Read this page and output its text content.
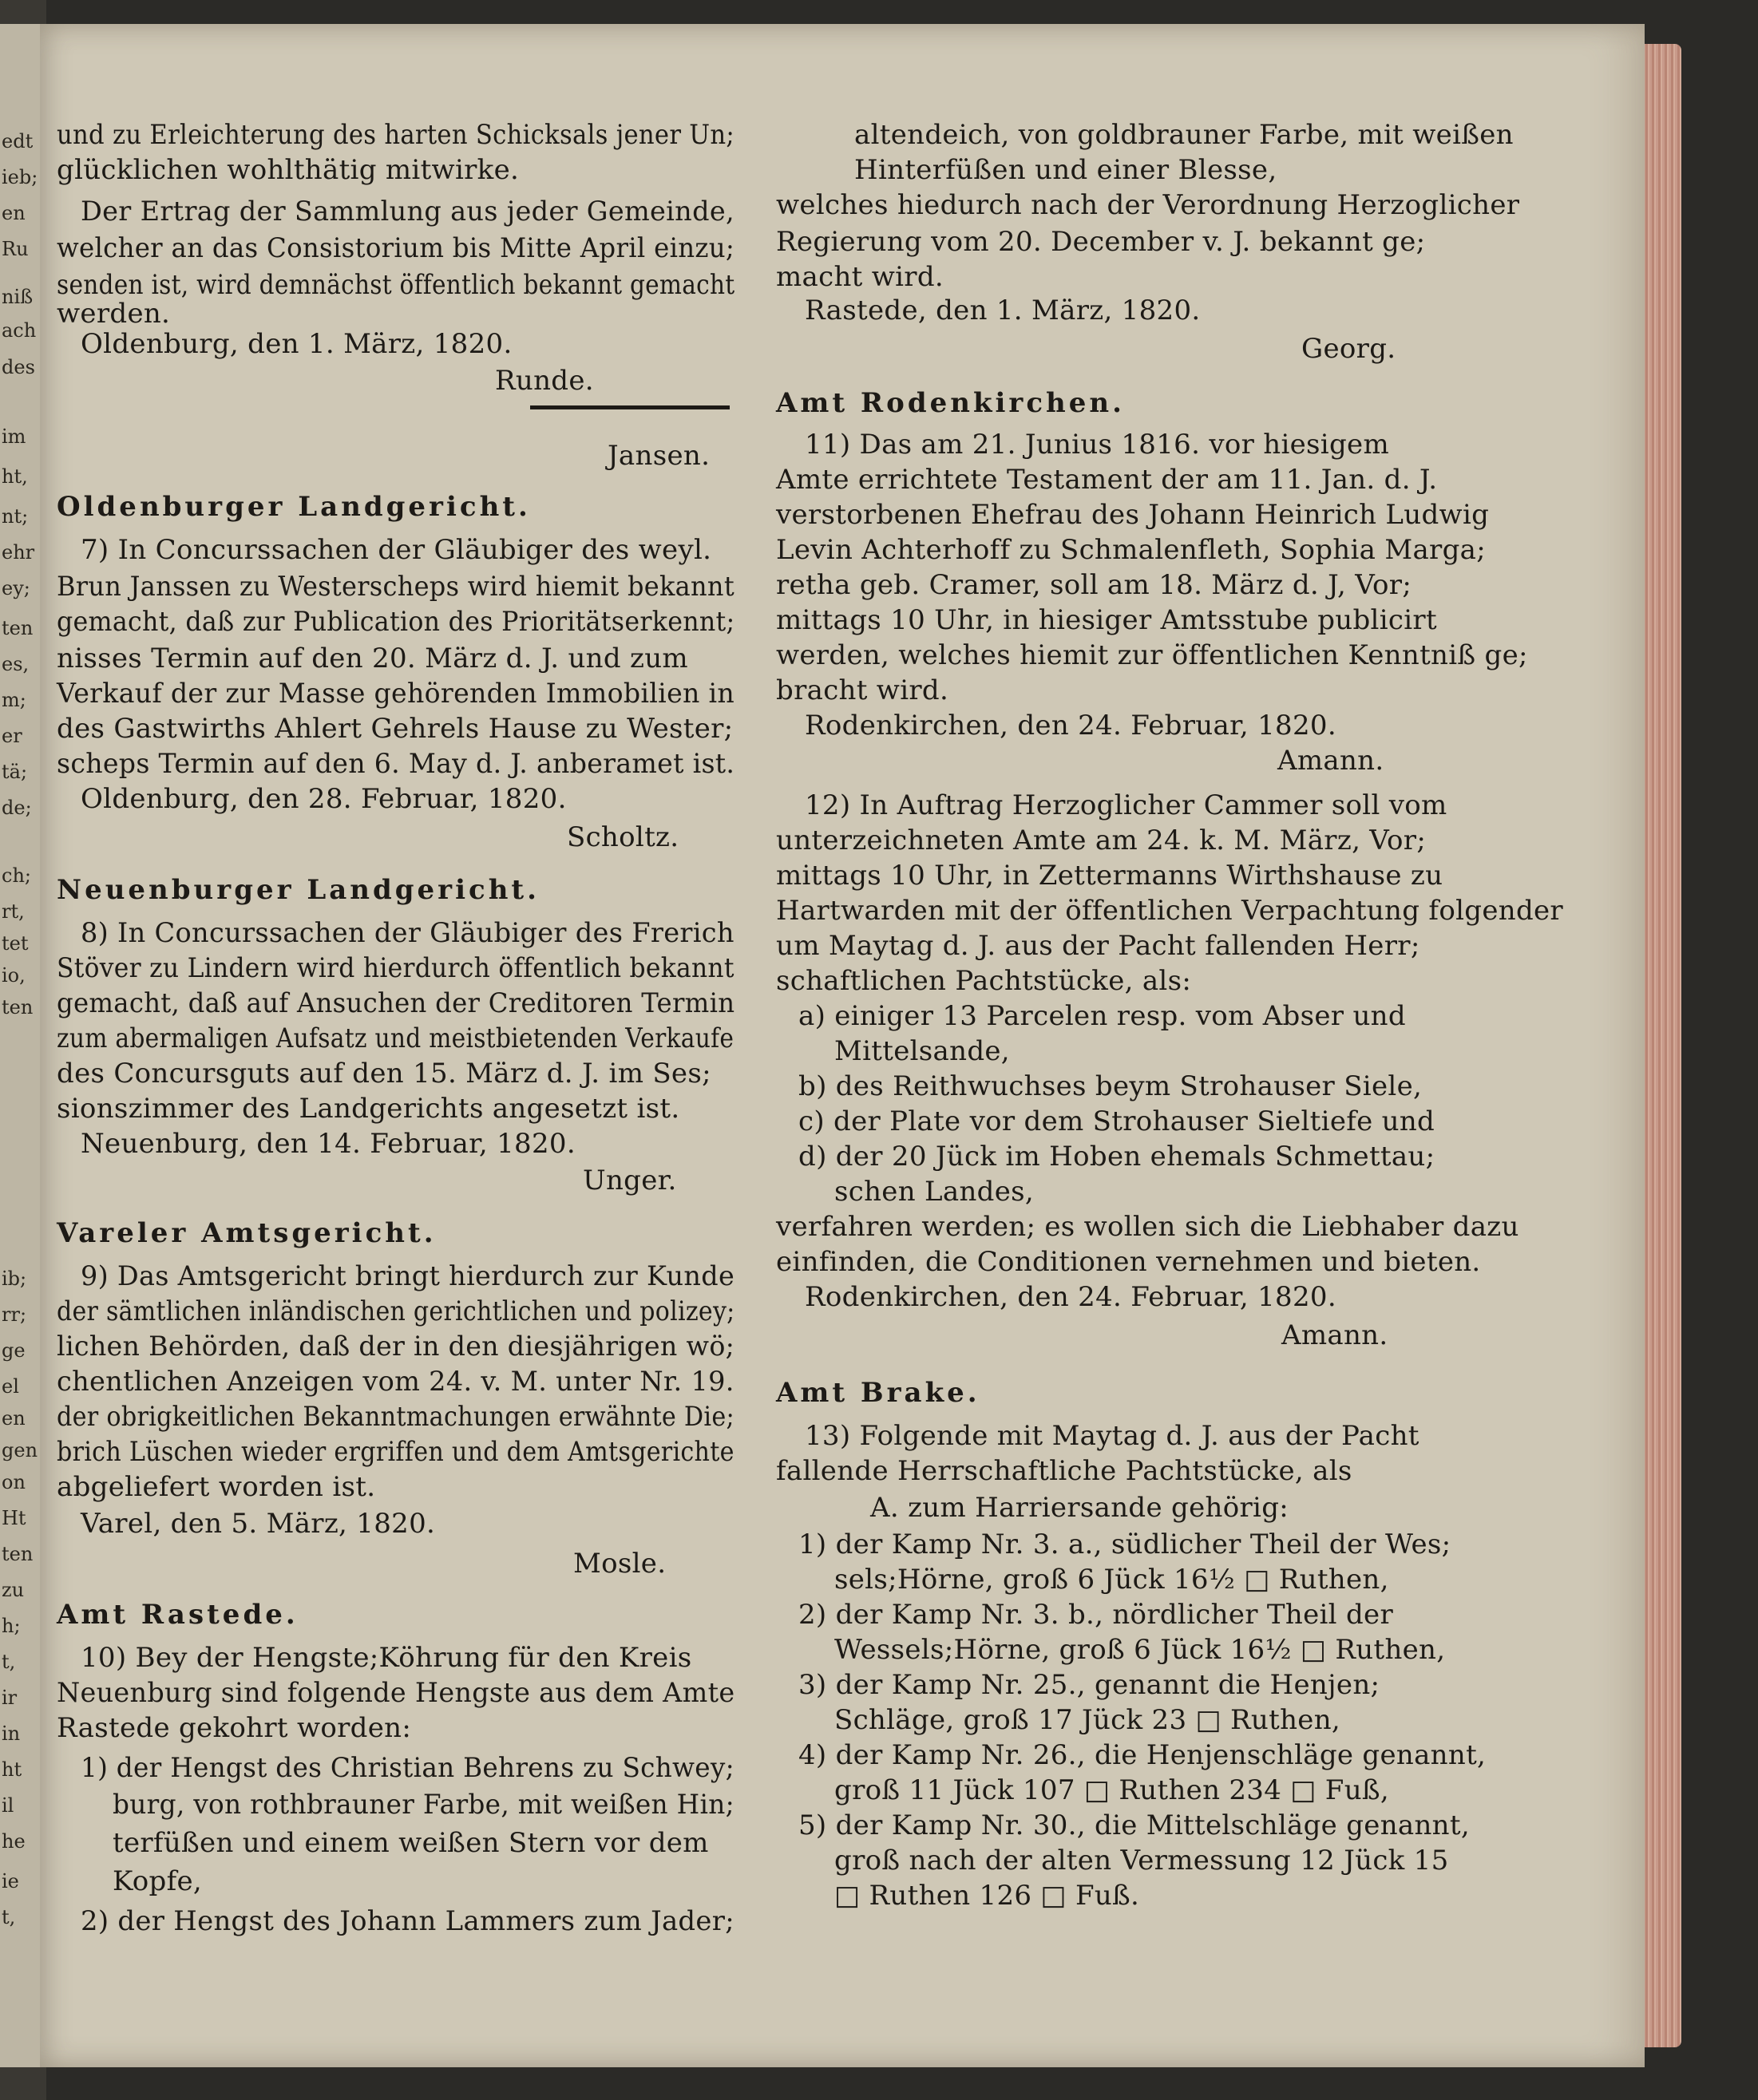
edt
ieb;
en
Ru
niß
ach
des
im
ht,
nt;
ehr
ey;
ten
es,
m;
er
tä;
de;
ch;
rt,
tet
io,
ten
ib;
rr;
ge
el
en
gen
on
Ht
ten
zu
h;
t,
ir
in
ht
il
he
ie
t,
und zu Erleichterung des harten Schicksals jener Un;
glücklichen wohlthätig mitwirke.
Der Ertrag der Sammlung aus jeder Gemeinde,
welcher an das Consistorium bis Mitte April einzu;
senden ist, wird demnächst öffentlich bekannt gemacht
werden.
Oldenburg, den 1. März, 1820.
Runde.
Jansen.
Oldenburger Landgericht.
7) In Concurssachen der Gläubiger des weyl.
Brun Janssen zu Westerscheps wird hiemit bekannt
gemacht, daß zur Publication des Prioritätserkennt;
nisses Termin auf den 20. März d. J. und zum
Verkauf der zur Masse gehörenden Immobilien in
des Gastwirths Ahlert Gehrels Hause zu Wester;
scheps Termin auf den 6. May d. J. anberamet ist.
Oldenburg, den 28. Februar, 1820.
Scholtz.
Neuenburger Landgericht.
8) In Concurssachen der Gläubiger des Frerich
Stöver zu Lindern wird hierdurch öffentlich bekannt
gemacht, daß auf Ansuchen der Creditoren Termin
zum abermaligen Aufsatz und meistbietenden Verkaufe
des Concursguts auf den 15. März d. J. im Ses;
sionszimmer des Landgerichts angesetzt ist.
Neuenburg, den 14. Februar, 1820.
Unger.
Vareler Amtsgericht.
9) Das Amtsgericht bringt hierdurch zur Kunde
der sämtlichen inländischen gerichtlichen und polizey;
lichen Behörden, daß der in den diesjährigen wö;
chentlichen Anzeigen vom 24. v. M. unter Nr. 19.
der obrigkeitlichen Bekanntmachungen erwähnte Die;
brich Lüschen wieder ergriffen und dem Amtsgerichte
abgeliefert worden ist.
Varel, den 5. März, 1820.
Mosle.
Amt Rastede.
10) Bey der Hengste;Köhrung für den Kreis
Neuenburg sind folgende Hengste aus dem Amte
Rastede gekohrt worden:
1) der Hengst des Christian Behrens zu Schwey;
burg, von rothbrauner Farbe, mit weißen Hin;
terfüßen und einem weißen Stern vor dem
Kopfe,
2) der Hengst des Johann Lammers zum Jader;
altendeich, von goldbrauner Farbe, mit weißen
Hinterfüßen und einer Blesse,
welches hiedurch nach der Verordnung Herzoglicher
Regierung vom 20. December v. J. bekannt ge;
macht wird.
Rastede, den 1. März, 1820.
Georg.
Amt Rodenkirchen.
11) Das am 21. Junius 1816. vor hiesigem
Amte errichtete Testament der am 11. Jan. d. J.
verstorbenen Ehefrau des Johann Heinrich Ludwig
Levin Achterhoff zu Schmalenfleth, Sophia Marga;
retha geb. Cramer, soll am 18. März d. J, Vor;
mittags 10 Uhr, in hiesiger Amtsstube publicirt
werden, welches hiemit zur öffentlichen Kenntniß ge;
bracht wird.
Rodenkirchen, den 24. Februar, 1820.
Amann.
12) In Auftrag Herzoglicher Cammer soll vom
unterzeichneten Amte am 24. k. M. März, Vor;
mittags 10 Uhr, in Zettermanns Wirthshause zu
Hartwarden mit der öffentlichen Verpachtung folgender
um Maytag d. J. aus der Pacht fallenden Herr;
schaftlichen Pachtstücke, als:
a) einiger 13 Parcelen resp. vom Abser und
Mittelsande,
b) des Reithwuchses beym Strohauser Siele,
c) der Plate vor dem Strohauser Sieltiefe und
d) der 20 Jück im Hoben ehemals Schmettau;
schen Landes,
verfahren werden; es wollen sich die Liebhaber dazu
einfinden, die Conditionen vernehmen und bieten.
Rodenkirchen, den 24. Februar, 1820.
Amann.
Amt Brake.
13) Folgende mit Maytag d. J. aus der Pacht
fallende Herrschaftliche Pachtstücke, als
A. zum Harriersande gehörig:
1) der Kamp Nr. 3. a., südlicher Theil der Wes;
sels;Hörne, groß 6 Jück 16½ □ Ruthen,
2) der Kamp Nr. 3. b., nördlicher Theil der
Wessels;Hörne, groß 6 Jück 16½ □ Ruthen,
3) der Kamp Nr. 25., genannt die Henjen;
Schläge, groß 17 Jück 23 □ Ruthen,
4) der Kamp Nr. 26., die Henjenschläge genannt,
groß 11 Jück 107 □ Ruthen 234 □ Fuß,
5) der Kamp Nr. 30., die Mittelschläge genannt,
groß nach der alten Vermessung 12 Jück 15
□ Ruthen 126 □ Fuß.
